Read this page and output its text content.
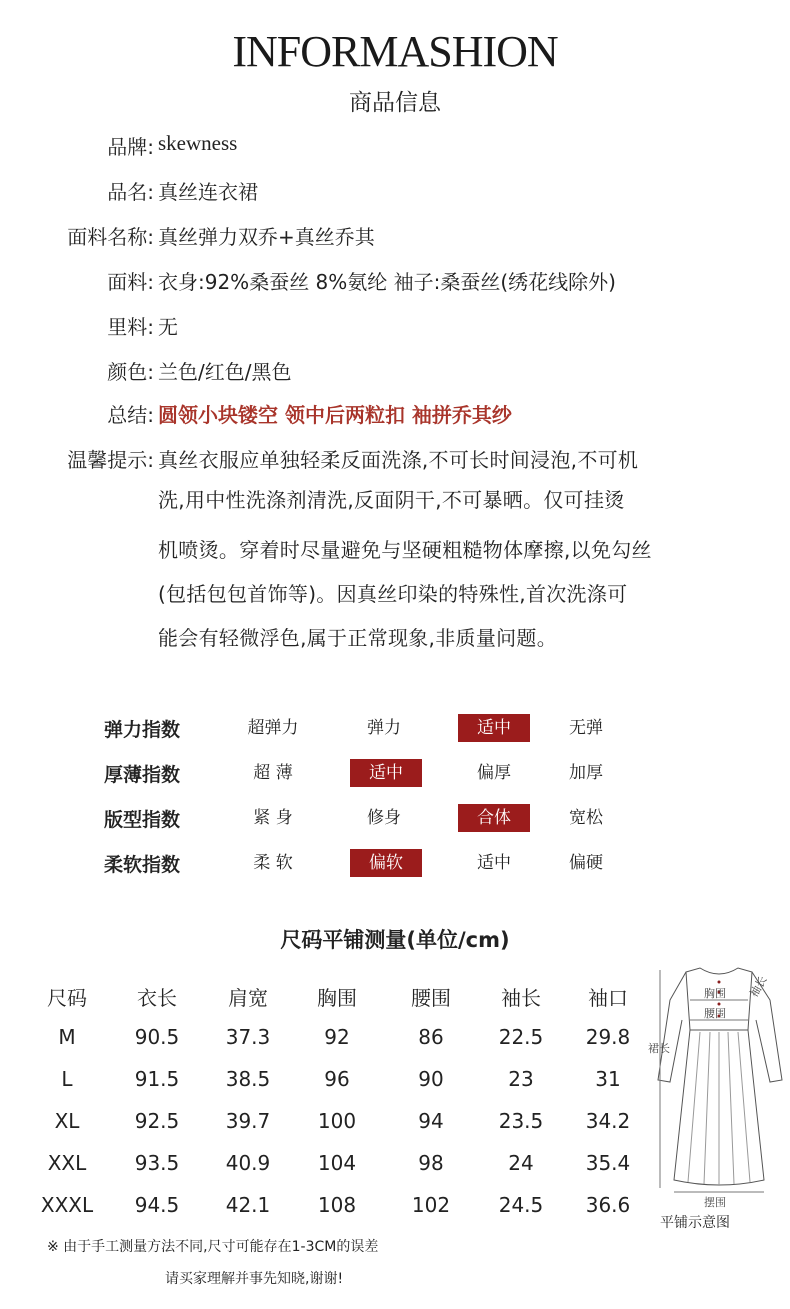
INFORMASHION
商品信息
品牌: skewness
品名: 真丝连衣裙
面料名称: 真丝弹力双乔+真丝乔其
面料: 衣身:92%桑蚕丝 8%氨纶 袖子:桑蚕丝(绣花线除外)
里料: 无
颜色: 兰色/红色/黑色
总结: 圆领小块镂空 领中后两粒扣 袖拼乔其纱
温馨提示: 真丝衣服应单独轻柔反面洗涤,不可长时间浸泡,不可机
洗,用中性洗涤剂清洗,反面阴干,不可暴晒。仅可挂烫
机喷烫。穿着时尽量避免与坚硬粗糙物体摩擦,以免勾丝
(包括包包首饰等)。因真丝印染的特殊性,首次洗涤可
能会有轻微浮色,属于正常现象,非质量问题。
弹力指数	超弹力	弹力	适中	无弹
厚薄指数	超 薄	适中	偏厚	加厚
版型指数	紧 身	修身	合体	宽松
柔软指数	柔 软	偏软	适中	偏硬
尺码平铺测量(单位/cm)
尺码	衣长	肩宽	胸围	腰围	袖长	袖口
M	90.5	37.3	92	86	22.5	29.8
L	91.5	38.5	96	90	23	31
XL	92.5	39.7	100	94	23.5	34.2
XXL	93.5	40.9	104	98	24	35.4
XXXL	94.5	42.1	108	102	24.5	36.6
胸围
腰围
袖长
裙长
摆围
平铺示意图
※ 由于手工测量方法不同,尺寸可能存在1-3CM的误差
请买家理解并事先知晓,谢谢!
